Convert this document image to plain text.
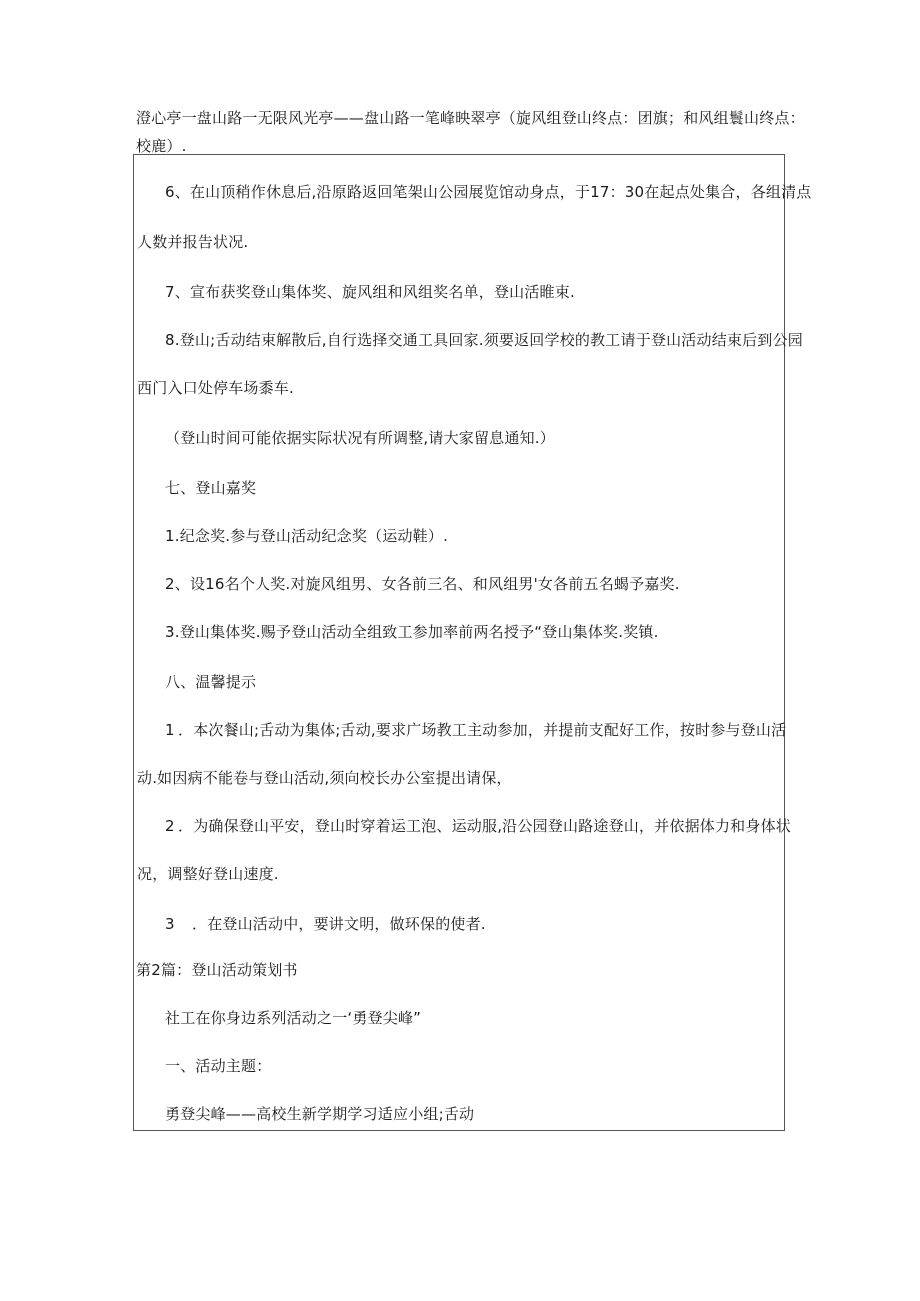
澄心亭一盘山路一无限风光亭——盘山路一笔峰映翠亭（旋风组登山终点：团旗；和风组鬟山终点：
校鹿）.
6、在山顶稍作休息后,沿原路返回笔架山公园展览馆动身点，于17：30在起点处集合，各组清点
人数并报告状况.
7、宣布获奖登山集体奖、旋风组和风组奖名单，登山活睢束.
8.登山;舌动结束解散后,自行选择交通工具回家.须要返回学校的教工请于登山活动结束后到公园
西门入口处停车场黍车.
（登山时间可能依据实际状况有所调整,请大家留息通知.）
七、登山嘉奖
1.纪念奖.参与登山活动纪念奖（运动鞋）.
2、设16名个人奖.对旋风组男、女各前三名、和风组男'女各前五名蝎予嘉奖.
3.登山集体奖.赐予登山活动全组致工参加率前两名授予“登山集体奖.奖镇.
八、温馨提示
1 ．本次餐山;舌动为集体;舌动,要求广场教工主动参加，并提前支配好工作，按时参与登山活
动.如因病不能卷与登山活动,须向校长办公室提出请保，
2 ．为确保登山平安，登山时穿着运工泡、运动服,沿公园登山路途登山，并依据体力和身体状
况，调整好登山速度.
3 ．在登山活动中，要讲文明，做环保的使者.
第2篇：登山活动策划书
社工在你身边系列活动之一‘勇登尖峰”
一、活动主题：
勇登尖峰——高校生新学期学习适应小组;舌动
